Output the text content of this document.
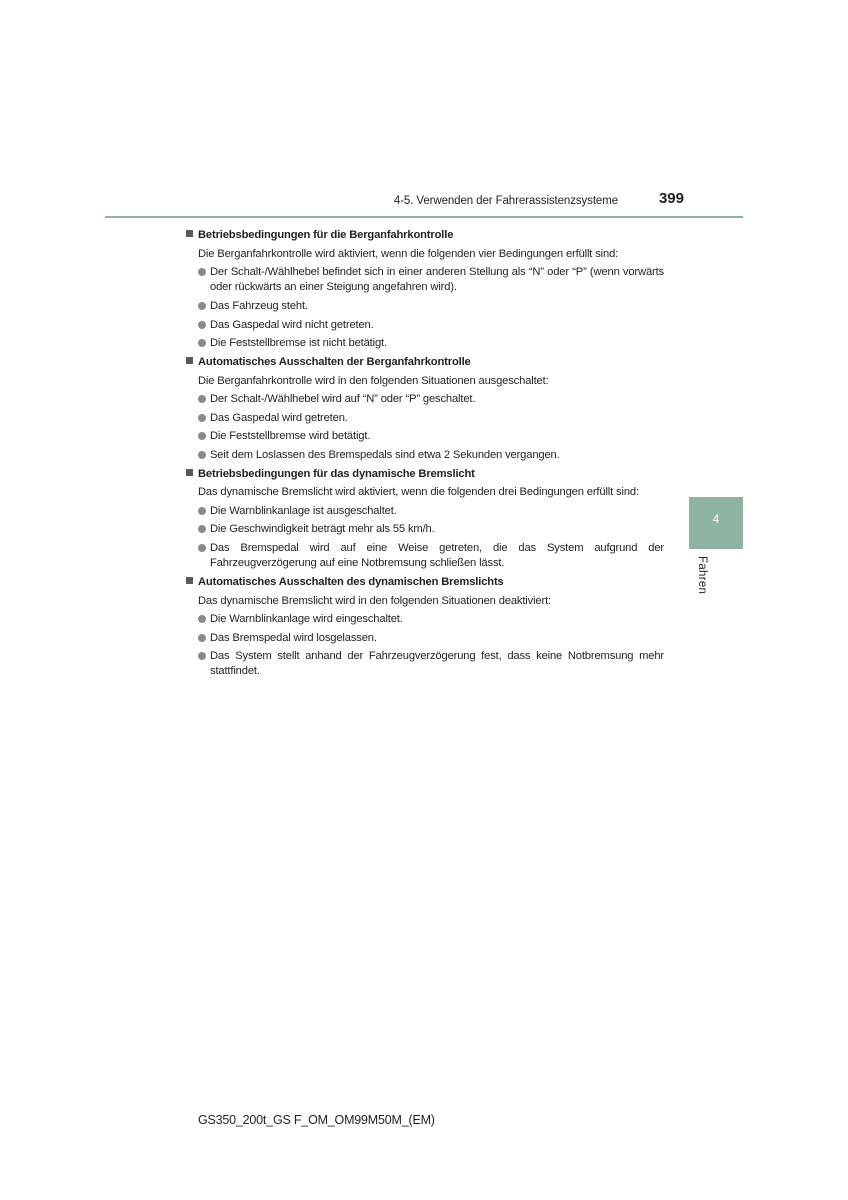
4-5. Verwenden der Fahrerassistenzsysteme	399
4
Fahren

Betriebsbedingungen für die Berganfahrkontrolle

Die Berganfahrkontrolle wird aktiviert, wenn die folgenden vier Bedingungen erfüllt sind:

Der Schalt-/Wählhebel befindet sich in einer anderen Stellung als “N” oder “P” (wenn vorwärts oder rückwärts an einer Steigung angefahren wird).
Das Fahrzeug steht.
Das Gaspedal wird nicht getreten.
Die Feststellbremse ist nicht betätigt.

Automatisches Ausschalten der Berganfahrkontrolle

Die Berganfahrkontrolle wird in den folgenden Situationen ausgeschaltet:

Der Schalt-/Wählhebel wird auf “N” oder “P” geschaltet.
Das Gaspedal wird getreten.
Die Feststellbremse wird betätigt.
Seit dem Loslassen des Bremspedals sind etwa 2 Sekunden vergangen.

Betriebsbedingungen für das dynamische Bremslicht

Das dynamische Bremslicht wird aktiviert, wenn die folgenden drei Bedingungen erfüllt sind:

Die Warnblinkanlage ist ausgeschaltet.
Die Geschwindigkeit beträgt mehr als 55 km/h.
Das Bremspedal wird auf eine Weise getreten, die das System aufgrund der Fahrzeugverzögerung auf eine Notbremsung schließen lässt.

Automatisches Ausschalten des dynamischen Bremslichts

Das dynamische Bremslicht wird in den folgenden Situationen deaktiviert:

Die Warnblinkanlage wird eingeschaltet.
Das Bremspedal wird losgelassen.
Das System stellt anhand der Fahrzeugverzögerung fest, dass keine Notbremsung mehr stattfindet.
GS350_200t_GS F_OM_OM99M50M_(EM)
